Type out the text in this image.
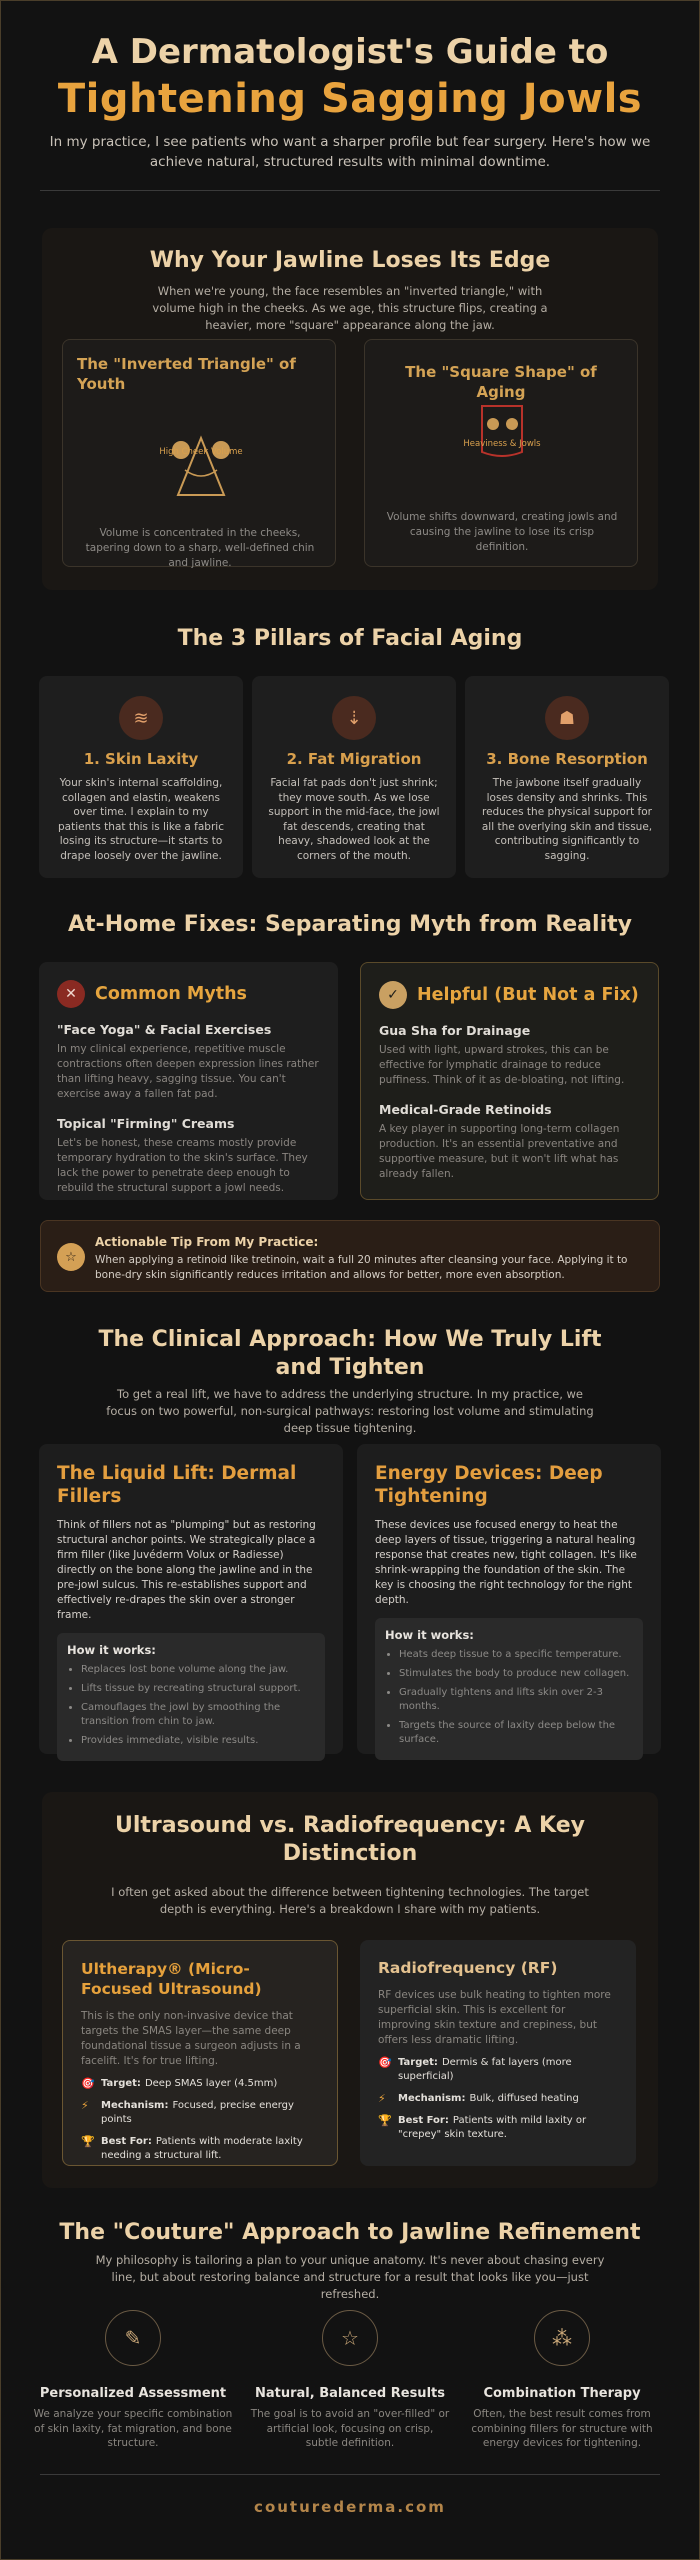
A Dermatologist's Guide to
Tightening Sagging Jowls

In my practice, I see patients who want a sharper profile but fear surgery. Here's how we achieve natural, structured results with minimal downtime.

Why Your Jawline Loses Its Edge
When we're young, the face resembles an "inverted triangle," with volume high in the cheeks. As we age, this structure flips, creating a heavier, more "square" appearance along the jaw.
The "Inverted Triangle" of Youth
High Cheek Volume

Volume is concentrated in the cheeks, tapering down to a sharp, well-defined chin and jawline.

The "Square Shape" of Aging
Heaviness & Jowls

Volume shifts downward, creating jowls and causing the jawline to lose its crisp definition.

The 3 Pillars of Facial Aging
≋
1. Skin Laxity

Your skin's internal scaffolding, collagen and elastin, weakens over time. I explain to my patients that this is like a fabric losing its structure—it starts to drape loosely over the jawline.

⇣
2. Fat Migration

Facial fat pads don't just shrink; they move south. As we lose support in the mid-face, the jowl fat descends, creating that heavy, shadowed look at the corners of the mouth.

☗
3. Bone Resorption

The jawbone itself gradually loses density and shrinks. This reduces the physical support for all the overlying skin and tissue, contributing significantly to sagging.

At-Home Fixes: Separating Myth from Reality
✕	Common Myths
"Face Yoga" & Facial Exercises

In my clinical experience, repetitive muscle contractions often deepen expression lines rather than lifting heavy, sagging tissue. You can't exercise away a fallen fat pad.

Topical "Firming" Creams

Let's be honest, these creams mostly provide temporary hydration to the skin's surface. They lack the power to penetrate deep enough to rebuild the structural support a jowl needs.

✓	Helpful (But Not a Fix)
Gua Sha for Drainage

Used with light, upward strokes, this can be effective for lymphatic drainage to reduce puffiness. Think of it as de-bloating, not lifting.

Medical-Grade Retinoids

A key player in supporting long-term collagen production. It's an essential preventative and supportive measure, but it won't lift what has already fallen.

☆
Actionable Tip From My Practice:
When applying a retinoid like tretinoin, wait a full 20 minutes after cleansing your face. Applying it to bone-dry skin significantly reduces irritation and allows for better, more even absorption.
The Clinical Approach: How We Truly Lift and Tighten
To get a real lift, we have to address the underlying structure. In my practice, we focus on two powerful, non-surgical pathways: restoring lost volume and stimulating deep tissue tightening.
The Liquid Lift: Dermal Fillers

Think of fillers not as "plumping" but as restoring structural anchor points. We strategically place a firm filler (like Juvéderm Volux or Radiesse) directly on the bone along the jawline and in the pre-jowl sulcus. This re-establishes support and effectively re-drapes the skin over a stronger frame.

How it works:
• Replaces lost bone volume along the jaw.
• Lifts tissue by recreating structural support.
• Camouflages the jowl by smoothing the transition from chin to jaw.
• Provides immediate, visible results.
Energy Devices: Deep Tightening

These devices use focused energy to heat the deep layers of tissue, triggering a natural healing response that creates new, tight collagen. It's like shrink-wrapping the foundation of the skin. The key is choosing the right technology for the right depth.

How it works:
• Heats deep tissue to a specific temperature.
• Stimulates the body to produce new collagen.
• Gradually tightens and lifts skin over 2-3 months.
• Targets the source of laxity deep below the surface.
Ultrasound vs. Radiofrequency: A Key Distinction
I often get asked about the difference between tightening technologies. The target depth is everything. Here's a breakdown I share with my patients.
Ultherapy® (Micro-Focused Ultrasound)

This is the only non-invasive device that targets the SMAS layer—the same deep foundational tissue a surgeon adjusts in a facelift. It's for true lifting.

🎯 Target: Deep SMAS layer (4.5mm)
⚡	Mechanism: Focused, precise energy points
🏆 Best For: Patients with moderate laxity needing a structural lift.
Radiofrequency (RF)

RF devices use bulk heating to tighten more superficial skin. This is excellent for improving skin texture and crepiness, but offers less dramatic lifting.

🎯 Target: Dermis & fat layers (more superficial)
⚡	Mechanism: Bulk, diffused heating
🏆 Best For: Patients with mild laxity or "crepey" skin texture.
The "Couture" Approach to Jawline Refinement
My philosophy is tailoring a plan to your unique anatomy. It's never about chasing every line, but about restoring balance and structure for a result that looks like you—just refreshed.
✎
Personalized Assessment

We analyze your specific combination of skin laxity, fat migration, and bone structure.

☆
Natural, Balanced Results

The goal is to avoid an "over-filled" or artificial look, focusing on crisp, subtle definition.

⁂
Combination Therapy

Often, the best result comes from combining fillers for structure with energy devices for tightening.

couturederma.com
